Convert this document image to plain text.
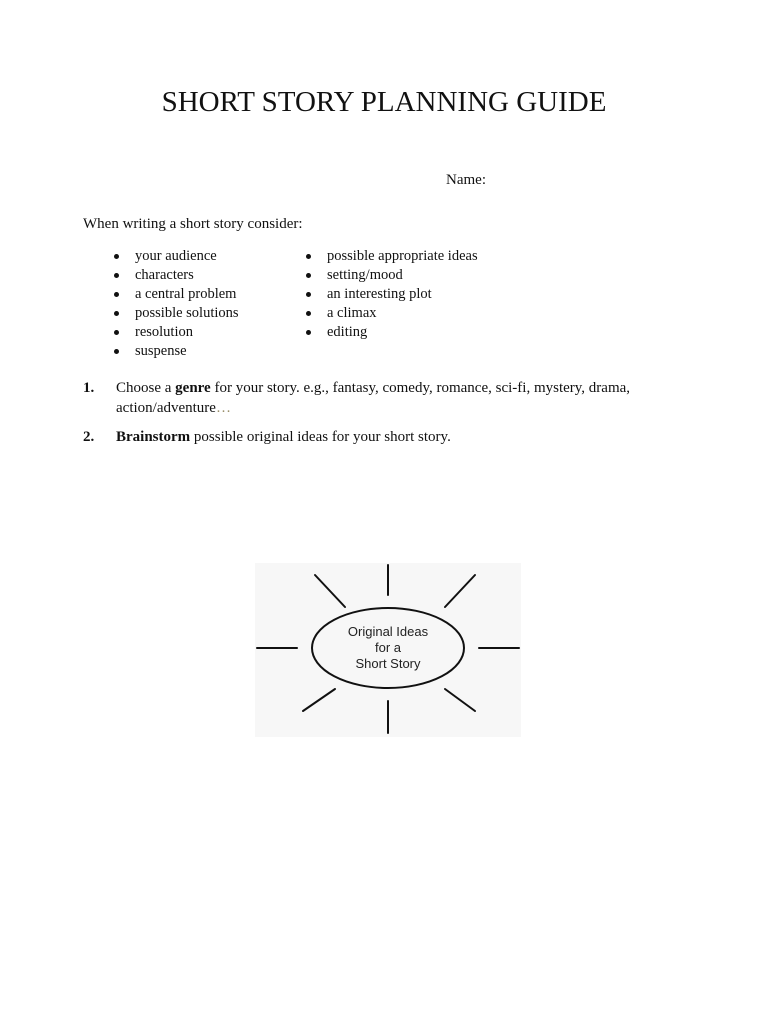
SHORT STORY PLANNING GUIDE
Name:
When writing a short story consider:
your audience
characters
a central problem
possible solutions
resolution
suspense
possible appropriate ideas
setting/mood
an interesting plot
a climax
editing
1. Choose a genre for your story. e.g., fantasy, comedy, romance, sci-fi, mystery, drama, action/adventure…
2. Brainstorm possible original ideas for your short story.
Original Ideas
for a
Short Story
